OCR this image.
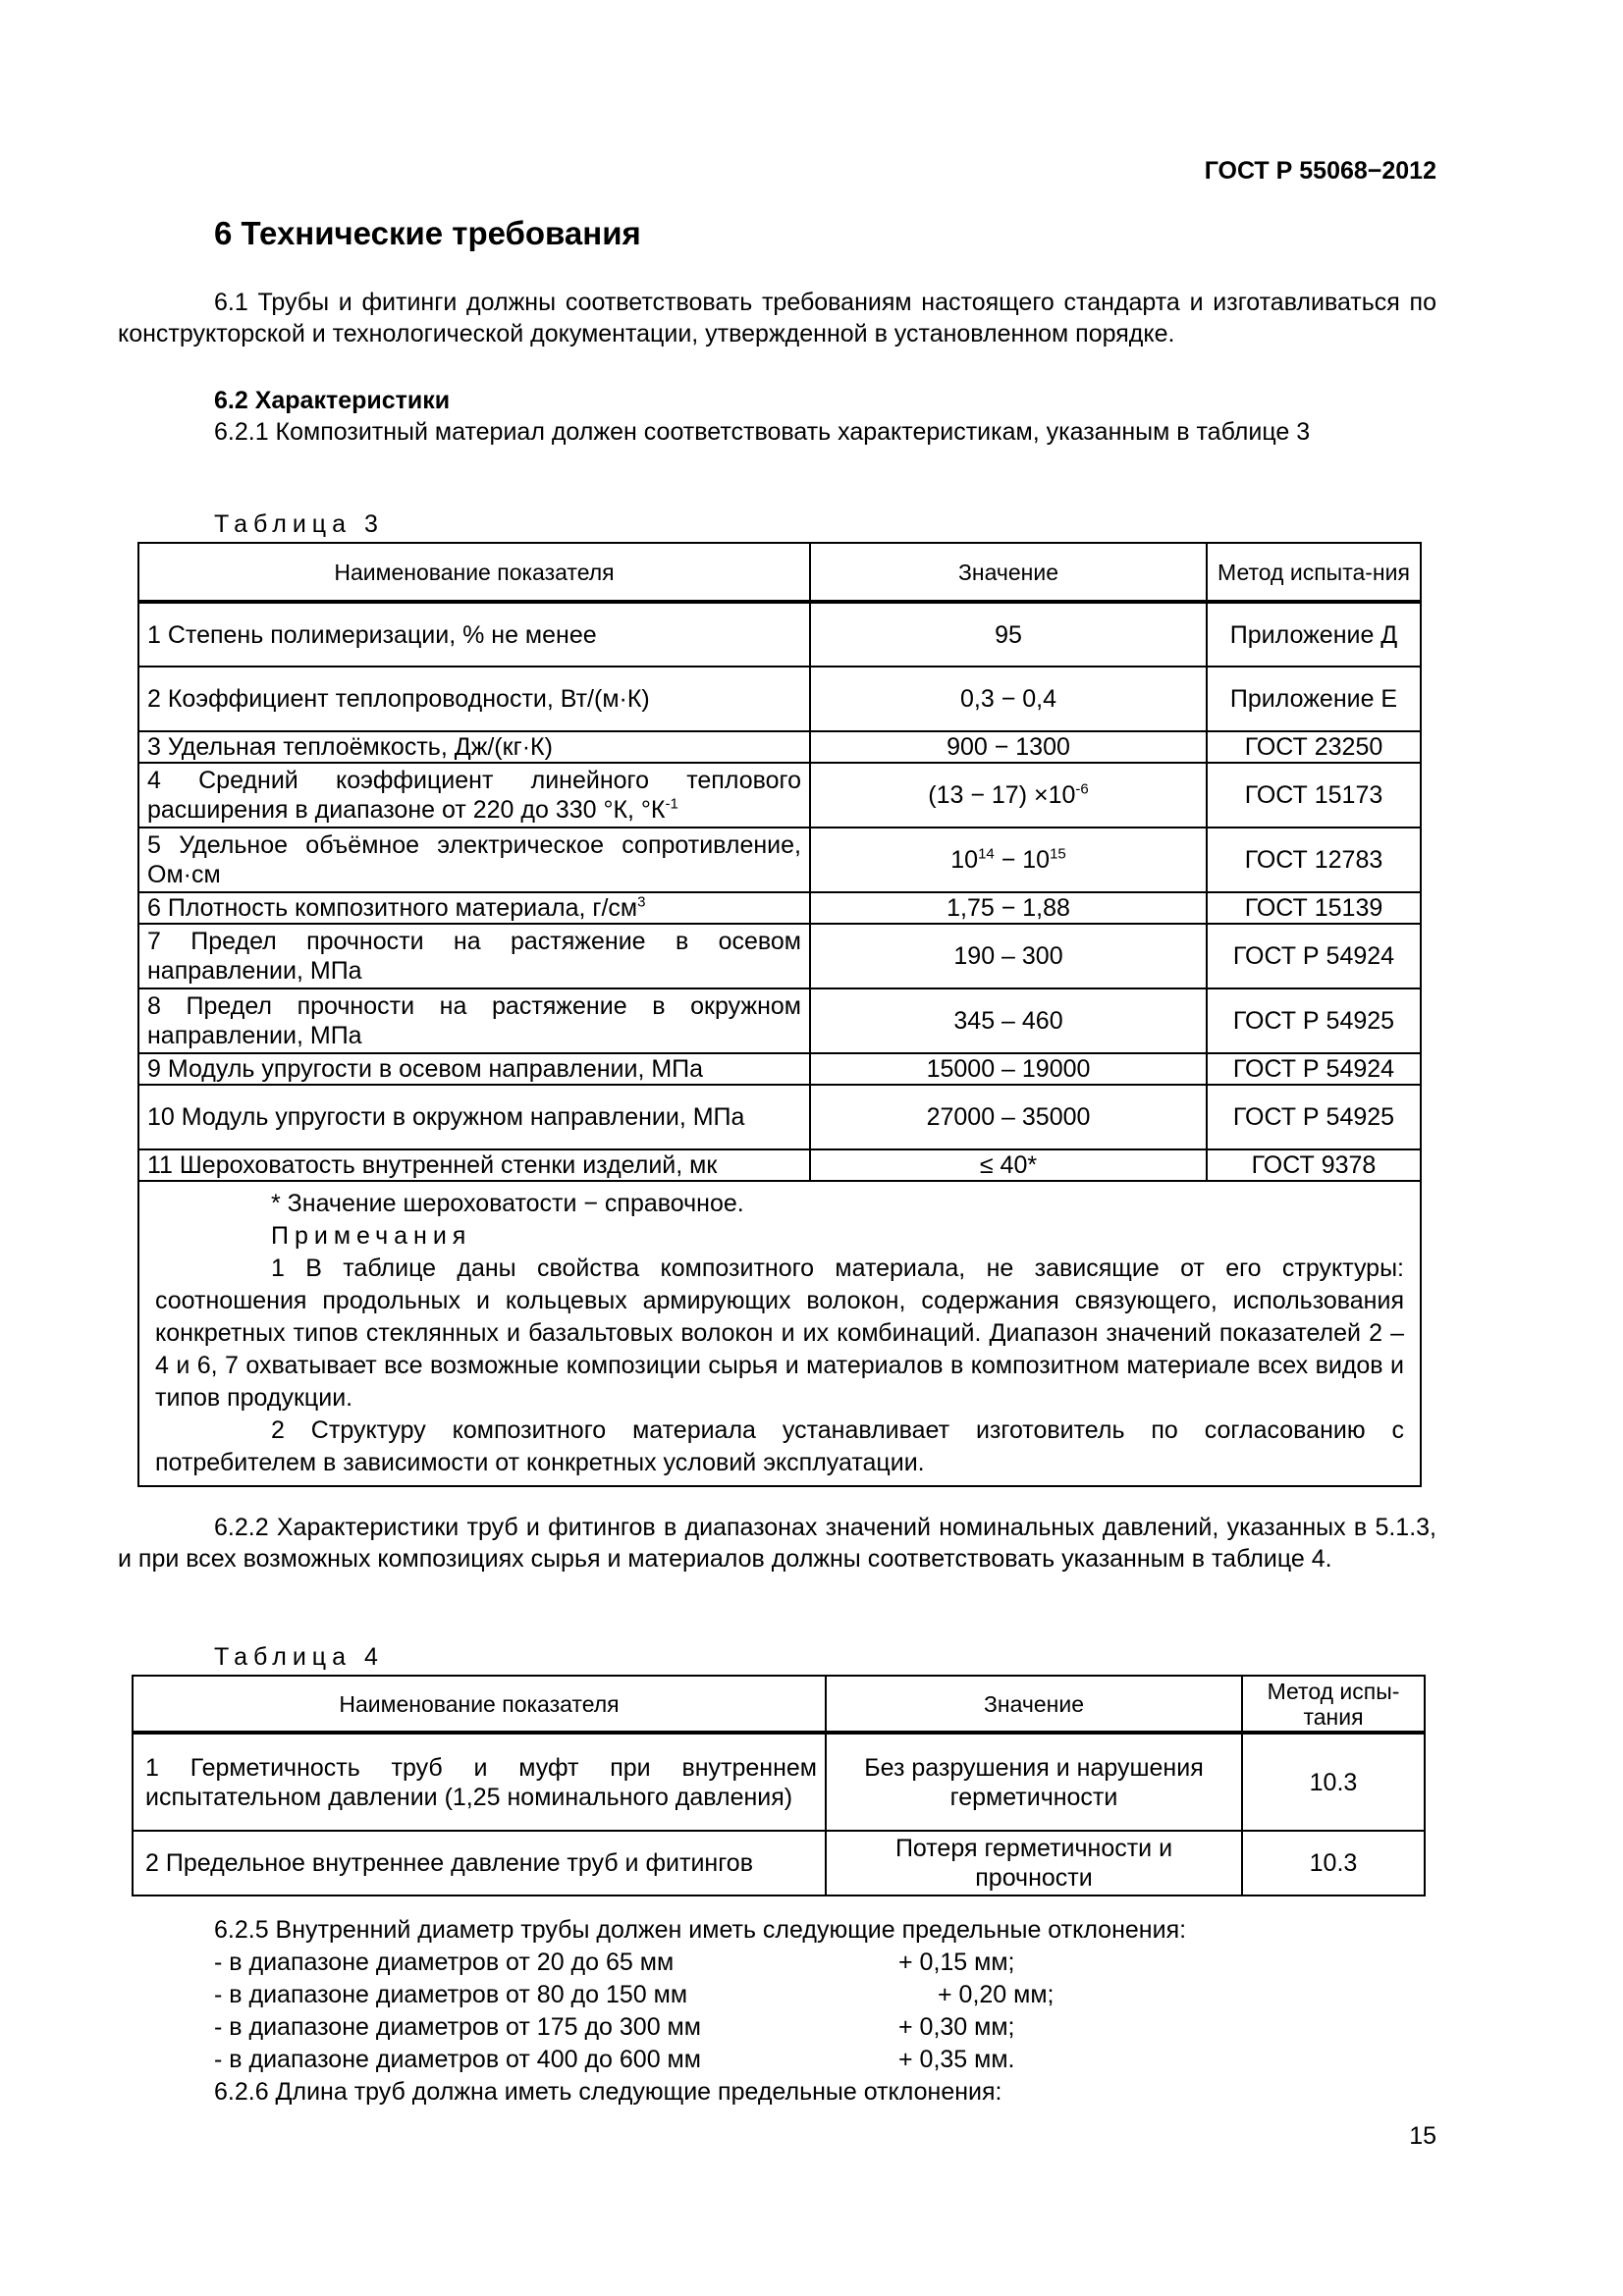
ГОСТ Р 55068−2012
6 Технические требования
6.1 Трубы и фитинги должны соответствовать требованиям настоящего стандарта и изготавливаться по конструкторской и технологической документации, утвержденной в установленном порядке.
6.2 Характеристики
6.2.1 Композитный материал должен соответствовать характеристикам, указанным в таблице 3
Таблица 3
Наименование показателя	Значение	Метод испыта-ния
1 Степень полимеризации, % не менее	95	Приложение Д
2 Коэффициент теплопроводности, Вт/(м·К)	0,3 − 0,4	Приложение Е
3 Удельная теплоёмкость, Дж/(кг·К)	900 − 1300	ГОСТ 23250
4 Средний коэффициент линейного теплового расширения в диапазоне от 220 до 330 °К, $^\circ К^{-1}$	$(13 - 17) \times 10^{-6}$	ГОСТ 15173
5 Удельное объёмное электрическое сопротивление, Ом·см	$10^{14} - 10^{15}$	ГОСТ 12783
6 Плотность композитного материала, $г/см^3$	1,75 − 1,88	ГОСТ 15139
7 Предел прочности на растяжение в осевом направлении, МПа	190 – 300	ГОСТ Р 54924
8 Предел прочности на растяжение в окружном направлении, МПа	345 – 460	ГОСТ Р 54925
9 Модуль упругости в осевом направлении, МПа	15000 – 19000	ГОСТ Р 54924
10 Модуль упругости в окружном направлении, МПа	27000 – 35000	ГОСТ Р 54925
11 Шероховатость внутренней стенки изделий, мк	≤ 40*	ГОСТ 9378

* Значение шероховатости − справочное.
Примечания
1 В таблице даны свойства композитного материала, не зависящие от его структуры: соотношения продольных и кольцевых армирующих волокон, содержания связующего, использования конкретных типов стеклянных и базальтовых волокон и их комбинаций. Диапазон значений показателей 2 – 4 и 6, 7 охватывает все возможные композиции сырья и материалов в композитном материале всех видов и типов продукции.
2 Структуру композитного материала устанавливает изготовитель по согласованию с потребителем в зависимости от конкретных условий эксплуатации.		
6.2.2 Характеристики труб и фитингов в диапазонах значений номинальных давлений, указанных в 5.1.3, и при всех возможных композициях сырья и материалов должны соответствовать указанным в таблице 4.
Таблица 4
Наименование показателя	Значение	Метод испы-тания
1 Герметичность труб и муфт при внутреннем испытательном давлении (1,25 номинального давления)	Без разрушения и нарушения герметичности	10.3
2 Предельное внутреннее давление труб и фитингов	Потеря герметичности и прочности	10.3
6.2.5 Внутренний диаметр трубы должен иметь следующие предельные отклонения:
- в диапазоне диаметров от 20 до 65 мм	+ 0,15 мм;
- в диапазоне диаметров от 80 до 150 мм	+ 0,20 мм;
- в диапазоне диаметров от 175 до 300 мм	+ 0,30 мм;
- в диапазоне диаметров от 400 до 600 мм	+ 0,35 мм.
6.2.6 Длина труб должна иметь следующие предельные отклонения:
15
